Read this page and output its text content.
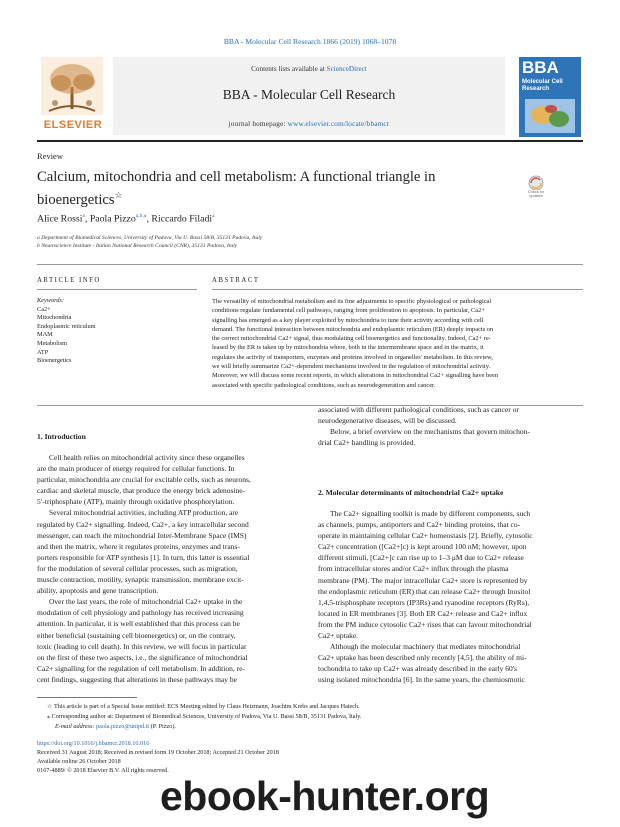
BBA - Molecular Cell Research 1866 (2019) 1068–1078
ELSEVIER
Contents lists available at ScienceDirect
BBA - Molecular Cell Research
journal homepage: www.elsevier.com/locate/bbamcr
BBA
Molecular Cell Research
Review
Calcium, mitochondria and cell metabolism: A functional triangle in
bioenergetics☆	Check for updates
Alice Rossi$^a$, Paola Pizzo$^{a,b,⁎}$, Riccardo Filadi$^a$
a Department of Biomedical Sciences, University of Padova, Via U. Bassi 58/B, 35131 Padova, Italy
b Neuroscience Institute - Italian National Research Council (CNR), 35131 Padova, Italy
ARTICLE INFO	ABSTRACT
Keywords:
Ca2+
Mitochondria
Endoplasmic reticulum
MAM
Metabolism
ATP
Bioenergetics
The versatility of mitochondrial metabolism and its fine adjustments to specific physiological or pathological
conditions regulate fundamental cell pathways, ranging from proliferation to apoptosis. In particular, Ca2+
signalling has emerged as a key player exploited by mitochondria to tune their activity according with cell
demand. The functional interaction between mitochondria and endoplasmic reticulum (ER) deeply impacts on
the correct mitochondrial Ca2+ signal, thus modulating cell bioenergetics and functionality. Indeed, Ca2+ re-
leased by the ER is taken up by mitochondria where, both in the intermembrane space and in the matrix, it
regulates the activity of transporters, enzymes and proteins involved in organelles' metabolism. In this review,
we will briefly summarize Ca2+-dependent mechanisms involved in the regulation of mitochondrial activity.
Moreover, we will discuss some recent reports, in which alterations in mitochondrial Ca2+ signalling have been
associated with specific pathological conditions, such as neurodegeneration and cancer.
1. Introduction
Cell health relies on mitochondrial activity since these organelles
are the main producer of energy required for cellular functions. In
particular, mitochondria are crucial for excitable cells, such as neurons,
cardiac and skeletal muscle, that produce the energy brick adenosine-
5′-triphosphate (ATP), mainly through oxidative phosphorylation.
Several mitochondrial activities, including ATP production, are
regulated by Ca2+ signalling. Indeed, Ca2+, a key intracellular second
messenger, can reach the mitochondrial Inter-Membrane Space (IMS)
and then the matrix, where it regulates proteins, enzymes and trans-
porters responsible for ATP synthesis [1]. In turn, this latter is essential
for the modulation of several cellular processes, such as migration,
muscle contraction, motility, synaptic transmission, membrane excit-
ability, apoptosis and gene transcription.
Over the last years, the role of mitochondrial Ca2+ uptake in the
modulation of cell physiology and pathology has received increasing
attention. In particular, it is well established that this process can be
either beneficial (sustaining cell bioenergetics) or, on the contrary,
toxic (leading to cell death). In this review, we will focus in particular
on the first of these two aspects, i.e., the significance of mitochondrial
Ca2+ signalling for the regulation of cell metabolism. In addition, re-
cent findings, suggesting that alterations in these pathways may be
associated with different pathological conditions, such as cancer or
neurodegenerative diseases, will be discussed.
Below, a brief overview on the mechanisms that govern mitochon-
drial Ca2+ handling is provided.
2. Molecular determinants of mitochondrial Ca2+ uptake
The Ca2+ signalling toolkit is made by different components, such
as channels, pumps, antiporters and Ca2+ binding proteins, that co-
operate in maintaining cellular Ca2+ homeostasis [2]. Briefly, cytosolic
Ca2+ concentration ([Ca2+]c) is kept around 100 nM; however, upon
different stimuli, [Ca2+]c can rise up to 1–3 μM due to Ca2+ release
from intracellular stores and/or Ca2+ influx through the plasma
membrane (PM). The major intracellular Ca2+ store is represented by
the endoplasmic reticulum (ER) that can release Ca2+ through Inositol
1,4,5-trisphosphate receptors (IP3Rs) and ryanodine receptors (RyRs),
located in ER membranes [3]. Both ER Ca2+ release and Ca2+ influx
from the PM induce cytosolic Ca2+ rises that can favour mitochondrial
Ca2+ uptake.
Although the molecular machinery that mediates mitochondrial
Ca2+ uptake has been described only recently [4,5], the ability of mi-
tochondria to take up Ca2+ was already described in the early 60's
using isolated mitochondria [6]. In the same years, the chemiosmotic
☆ This article is part of a Special Issue entitled: ECS Meeting edited by Claus Heizmann, Joachim Krebs and Jacques Haiech.
⁎ Corresponding author at: Department of Biomedical Sciences, University of Padova, Via U. Bassi 58/B, 35131 Padova, Italy.
E-mail address: paola.pizzo@unipd.it (P. Pizzo).
https://doi.org/10.1016/j.bbamcr.2018.10.016
Received 31 August 2018; Received in revised form 19 October 2018; Accepted 21 October 2018
Available online 26 October 2018
0167-4889/ © 2018 Elsevier B.V. All rights reserved.
ebook-hunter.org
